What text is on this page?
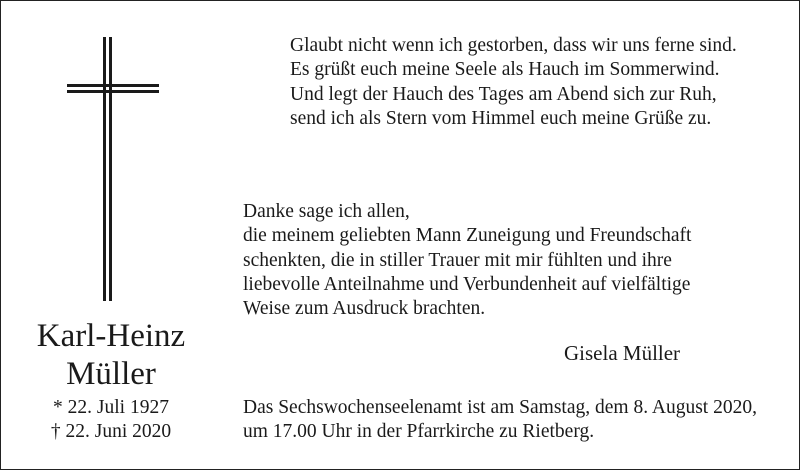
Glaubt nicht wenn ich gestorben, dass wir uns ferne sind.
Es grüßt euch meine Seele als Hauch im Sommerwind.
Und legt der Hauch des Tages am Abend sich zur Ruh,
send ich als Stern vom Himmel euch meine Grüße zu.
Danke sage ich allen,
die meinem geliebten Mann Zuneigung und Freundschaft
schenkten, die in stiller Trauer mit mir fühlten und ihre
liebevolle Anteilnahme und Verbundenheit auf vielfältige
Weise zum Ausdruck brachten.
Gisela Müller
Karl-Heinz
Müller
* 22. Juli 1927
† 22. Juni 2020
Das Sechswochenseelenamt ist am Samstag, dem 8. August 2020,
um 17.00 Uhr in der Pfarrkirche zu Rietberg.
